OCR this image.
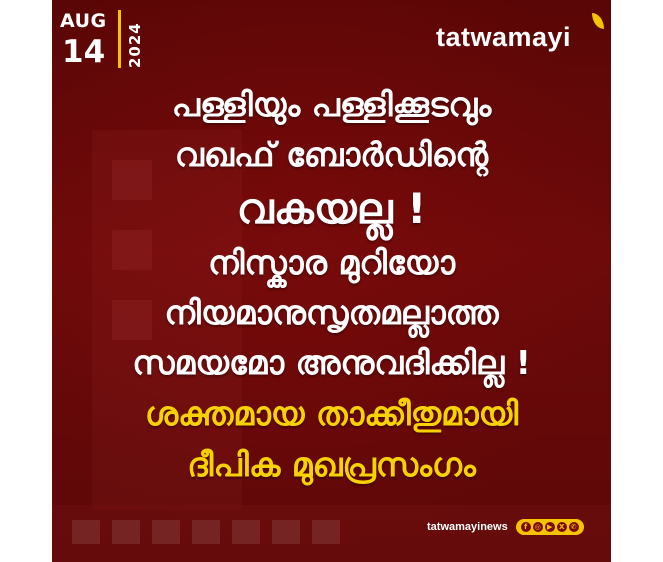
AUG
14 2024	tatwamayi
പള്ളിയും പള്ളിക്കൂടവും
വഖഫ് ബോർഡിന്റെ
വകയല്ല !
നിസ്കാര മുറിയോ
നിയമാനുസൃതമല്ലാത്ത
സമയമോ അനുവദിക്കില്ല !
ശക്തമായ താക്കീതുമായി
ദീപിക മുഖപ്രസംഗം
tatwamayinews	f	◎ ▶ X ✆
